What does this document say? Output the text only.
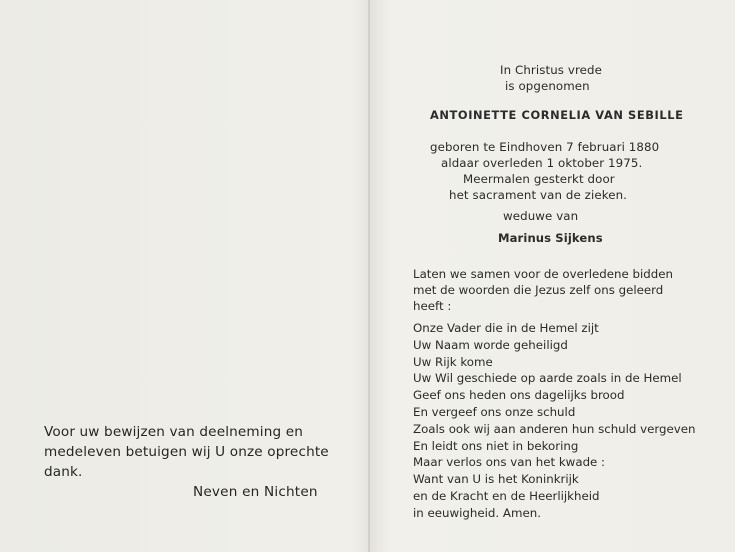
Voor uw bewijzen van deelneming en
medeleven betuigen wij U onze oprechte
dank.
Neven en Nichten
In Christus vrede
is opgenomen
ANTOINETTE CORNELIA VAN SEBILLE
geboren te Eindhoven 7 februari 1880
aldaar overleden 1 oktober 1975.
Meermalen gesterkt door
het sacrament van de zieken.
weduwe van
Marinus Sijkens
Laten we samen voor de overledene bidden
met de woorden die Jezus zelf ons geleerd
heeft :
Onze Vader die in de Hemel zijt
Uw Naam worde geheiligd
Uw Rijk kome
Uw Wil geschiede op aarde zoals in de Hemel
Geef ons heden ons dagelijks brood
En vergeef ons onze schuld
Zoals ook wij aan anderen hun schuld vergeven
En leidt ons niet in bekoring
Maar verlos ons van het kwade :
Want van U is het Koninkrijk
en de Kracht en de Heerlijkheid
in eeuwigheid. Amen.
